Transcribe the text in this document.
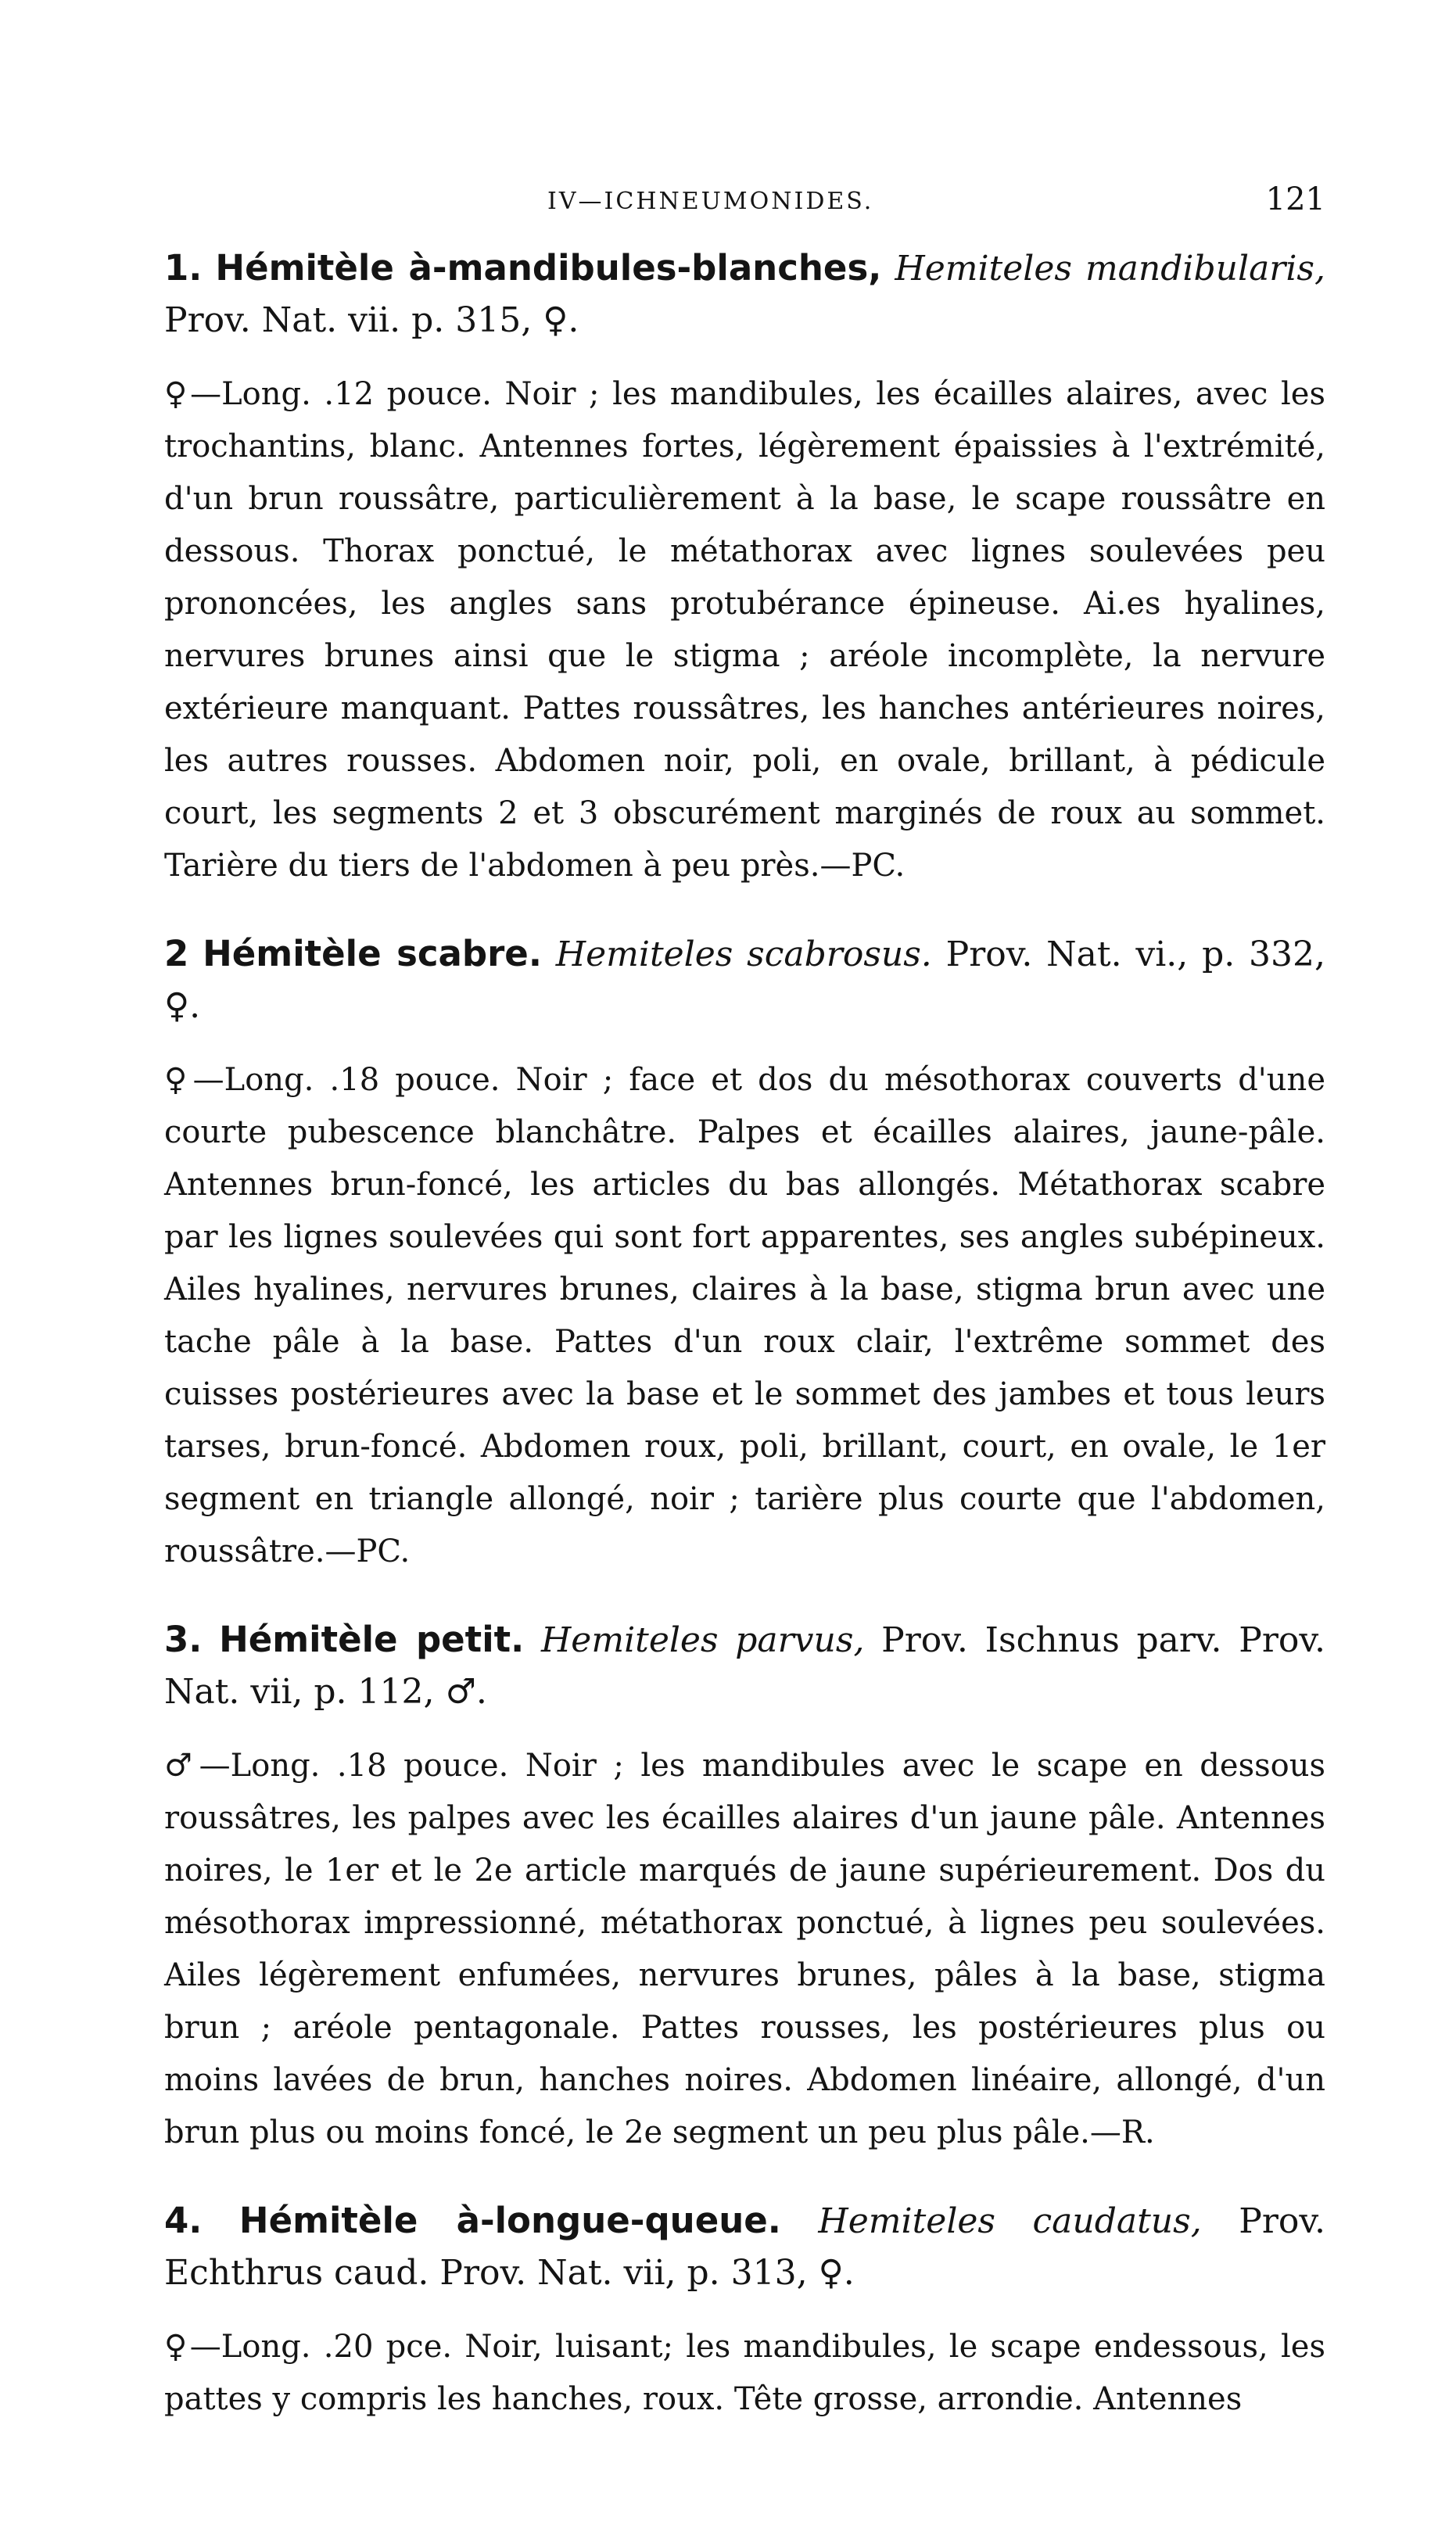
IV—ICHNEUMONIDES.	121

1. Hémitèle à-mandibules-blanches, Hemiteles mandibularis, Prov. Nat. vii. p. 315, ♀.

♀—Long. .12 pouce. Noir ; les mandibules, les écailles alaires, avec les trochantins, blanc. Antennes fortes, légèrement épaissies à l'extrémité, d'un brun roussâtre, particulièrement à la base, le scape roussâtre en dessous. Thorax ponctué, le métathorax avec lignes soulevées peu prononcées, les angles sans protubérance épineuse. Ai.es hyalines, nervures brunes ainsi que le stigma ; aréole incomplète, la nervure extérieure manquant. Pattes roussâtres, les hanches antérieures noires, les autres rousses. Abdomen noir, poli, en ovale, brillant, à pédicule court, les segments 2 et 3 obscurément marginés de roux au sommet. Tarière du tiers de l'abdomen à peu près.—PC.

2 Hémitèle scabre. Hemiteles scabrosus. Prov. Nat. vi., p. 332, ♀.

♀—Long. .18 pouce. Noir ; face et dos du mésothorax couverts d'une courte pubescence blanchâtre. Palpes et écailles alaires, jaune-pâle. Antennes brun-foncé, les articles du bas allongés. Métathorax scabre par les lignes soulevées qui sont fort apparentes, ses angles subépineux. Ailes hyalines, nervures brunes, claires à la base, stigma brun avec une tache pâle à la base. Pattes d'un roux clair, l'extrême sommet des cuisses postérieures avec la base et le sommet des jambes et tous leurs tarses, brun-foncé. Abdomen roux, poli, brillant, court, en ovale, le 1er segment en triangle allongé, noir ; tarière plus courte que l'abdomen, roussâtre.—PC.

3. Hémitèle petit. Hemiteles parvus, Prov. Ischnus parv. Prov. Nat. vii, p. 112, ♂.

♂—Long. .18 pouce. Noir ; les mandibules avec le scape en dessous roussâtres, les palpes avec les écailles alaires d'un jaune pâle. Antennes noires, le 1er et le 2e article marqués de jaune supérieurement. Dos du mésothorax impressionné, métathorax ponctué, à lignes peu soulevées. Ailes légèrement enfumées, nervures brunes, pâles à la base, stigma brun ; aréole pentagonale. Pattes rousses, les postérieures plus ou moins lavées de brun, hanches noires. Abdomen linéaire, allongé, d'un brun plus ou moins foncé, le 2e segment un peu plus pâle.—R.

4. Hémitèle à-longue-queue. Hemiteles caudatus, Prov. Echthrus caud. Prov. Nat. vii, p. 313, ♀.

♀—Long. .20 pce. Noir, luisant; les mandibules, le scape endessous, les pattes y compris les hanches, roux. Tête grosse, arrondie. Antennes
